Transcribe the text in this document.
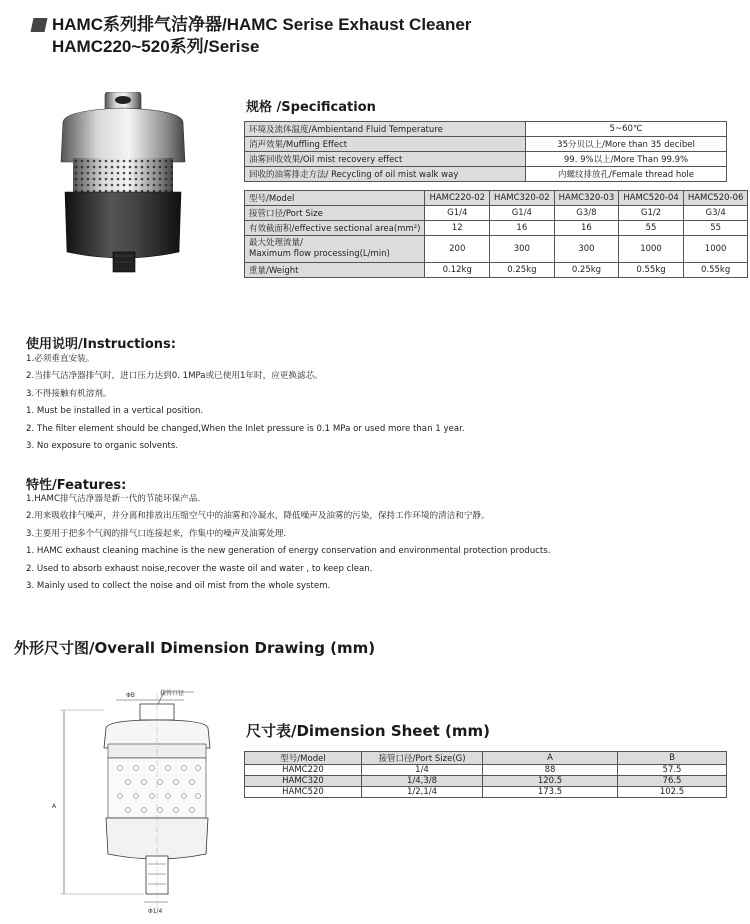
HAMC系列排气洁净器/HAMC Serise Exhaust Cleaner
HAMC220~520系列/Serise
规格 /Specification
环境及流体温度/Ambientand Fluid Temperature	5~60℃
消声效果/Muffling Effect	35分贝以上/More than 35 decibel
油雾回收效果/Oil mist recovery effect	99. 9%以上/More Than 99.9%
回收的油雾排走方法/ Recycling of oil mist walk way	内螺纹排放孔/Female thread hole
型号/Model	HAMC220-02	HAMC320-02	HAMC320-03	HAMC520-04	HAMC520-06
接管口径/Port Size	G1/4	G1/4	G3/8	G1/2	G3/4
有效截面积/effective sectional area(mm²)	12	16	16	55	55

最大处理流量/
Maximum flow processing(L/min)	200	300	300	1000	1000
重量/Weight	0.12kg	0.25kg	0.25kg	0.55kg	0.55kg
使用说明/Instructions:
1.必须垂直安装。
2.当排气洁净器排气时，进口压力达到0. 1MPa或已使用1年时，应更换滤芯。
3.不得接触有机溶剂。
1. Must be installed in a vertical position.
2. The filter element should be changed,When the Inlet pressure is 0.1 MPa or used more than 1 year.
3. No exposure to organic solvents.
特性/Features:
1.HAMC排气洁净器是新一代的节能环保产品.
2.用来吸收排气噪声，并分离和排放出压缩空气中的油雾和冷凝水，降低噪声及油雾的污染，保持工作环境的清洁和宁静。
3.主要用于把多个气阀的排气口连接起来，作集中的噪声及油雾处理.
1. HAMC exhaust cleaning machine is the new generation of energy conservation and environmental protection products.
2. Used to absorb exhaust noise,recover the waste oil and water , to keep clean.
3. Mainly used to collect the noise and oil mist from the whole system.
外形尺寸图/Overall Dimension Drawing (mm)
ΦB	接管口径
A
Φ1/4
尺寸表/Dimension Sheet (mm)
型号/Model	接管口径/Port Size(G)	A	B
HAMC220	1/4	88	57.5
HAMC320	1/4,3/8	120.5	76.5
HAMC520	1/2,1/4	173.5	102.5
